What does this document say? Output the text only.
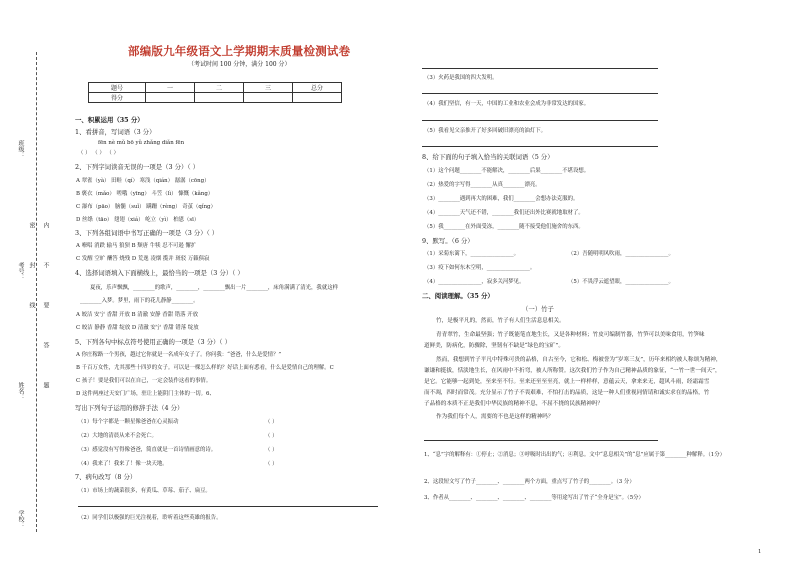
班级：
考号：
姓名：
学校：
密
封
线
内
不
要
答
题
部编版九年级语文上学期期末质量检测试卷
（考试时间 100 分钟，满分 100 分）
题号	一	二	三	总分
得分				
一、积累运用（35 分）
1、看拼音，写词语（3 分）
fēn nè mǔ bō yǔ zhǎng diǎn fēn
（ ） （ ） （ ）
2、下列字词读音无误的一项是（3 分）（ ）
A 翠雀（yà） 田畦（qí） 寒浅（qián） 潺潺（cōng）
B 褒衣（mǎo） 嗟哦（yīng） 斗笠（lì） 慷慨（kǎng）
C 瀑布（pāo） 脑髓（suǐ） 蹒跚（rèng） 奇茧（qǐng）
D 丝绦（tāo） 翅翅（xiá） 屹立（yì） 柏恩（sī）
3、下列各组词语中书写正确的一项是（3 分）（ ）
A 嘹唱 消跌 输马 狼狈 B 颓唐 牛犊 忍不可遏 懈扩
C 发醒 空旷 酬答 烧残 D 荒逸 凌烟 揽并 斑驳 万籁俱寂
4、选择词语填入下面横线上，最恰当的一项是（3 分）（ ）
夏夜，乐声飘飘，________的歌声，________，________飘出一片________，床角满满了清光，我就这样
________入梦。梦里，雨下的花儿静静________。
A 皎洁 安宁 香甜 开放 B 清澈 安静 香甜 错落 开放
C 皎洁 静静 香甜 绽放 D 清澈 安宁 香甜 错落 绽放
5、下列各句中标点符号使用正确的一项是（3 分）（ ）
A 你庄稼路一个男孩，越过它你就是一名成年女子了。你问我：“爸爸，什么是爱情？”
B 千百万女性，尤其那些十四岁的女子。可以是一棵怎么样的？好话上面有悉看，什么是爱情自己的理解。C
C 孩子！要是我们可以在自己，一定会装作这看的事情。
D 这件两座过天安门广场，驻让上能阴门主体的一切。6、
写出下列句子运用的修辞手法（4 分）
（1）每个字都是一颗星像爸爸在心灵振动	（ ）
（2）大地的清晨从来不会死亡。	（ ）
（3）感觉没有写得像爸爸，简直就是一首诗情画意的诗。	（ ）
（4）我来了！我来了！像一块天地。	（ ）
7、病句改写（8 分）
（1）市场上的蔬菜很多，有黄瓜、草莓、茄子、扁豆。
（2）同学们以极强的巨光注视着，聆听着这些英雄的报告。
（3）火药是我国的四大发明。
（4）我们坚信，有一天，中国的工业和农业会成为非常发达的国家。
（5）我看见父亲推开了好多回破旧漂亮的油灯下。
8、给下面的句子填入恰当的关联词语（5 分）
（1）这个问题________不能解决，________后果________不堪设想。
（2）热爱的字写得________从真________漂亮。
（3）________遇到再大的困难，我们________会想办法克服的。
（4）________天气还不错，________我们还出外比赛就地取材了。
（5）我________在外面受冻，________随不接受他们施舍的东西。
9、默写。（6 分）
（1）采菊东篱下，________________。	（2）吾随明明风吹雨，________________。
（3）疫下如何东木空明，________________。
（4）________________，寂多关河梦见。	（5）不畏浮云遮望眼，________________。
二、阅读理解。（35 分）
（一）竹子
竹，是极平凡的，然而，竹子有人们生活息息相关。
青青翠竹，生命最坚强；竹子既能笔直地生长，又是各种材料；竹皮可编制竹器，竹笋可以美味食用，竹笋味
道鲜美，防病化，防骤除，坚韧有不缺是“绿色的宝矿”。
然而，我想到竹子平凡中特殊可贵的品格，自古至今，它和松、梅被誉为“岁寒三友”，历年来相约被人称颂为精神，
谦谦和挺拔，恬淡地生长，在风雨中不折弯，被人所称赞。这次我们竹子作为自己精神品质的象征，“一竹一世一间天”，
是它。它能够一起到处，至来至不行。至来还至至至亮，就上一样样样，意蕴云天，拿来来无，超风斗雨，经霜霜雪
而不凋，四时而常茂。充分显示了竹子不畏艰难，不怕打击的品质，这是一种人们重视同情请和诚实求在的品格，竹
子品格的本质不正是我们中华民族的精神不息，不屈不挠的民族精神吗？
作为我们每个人，需要的不也是这样的精神吗？
1、“息”字的解释有：①停止；②消息；③呼吸时出出的气；④利息。文中“息息相关”的“息”应属于第________种解释。（1分）
2、这段短文写了竹子________、________两个方面，重点写了竹子的________。（3 分）
3、作者从________、________、________、________等用途写出了竹子“全身是宝”。（5分）
1
